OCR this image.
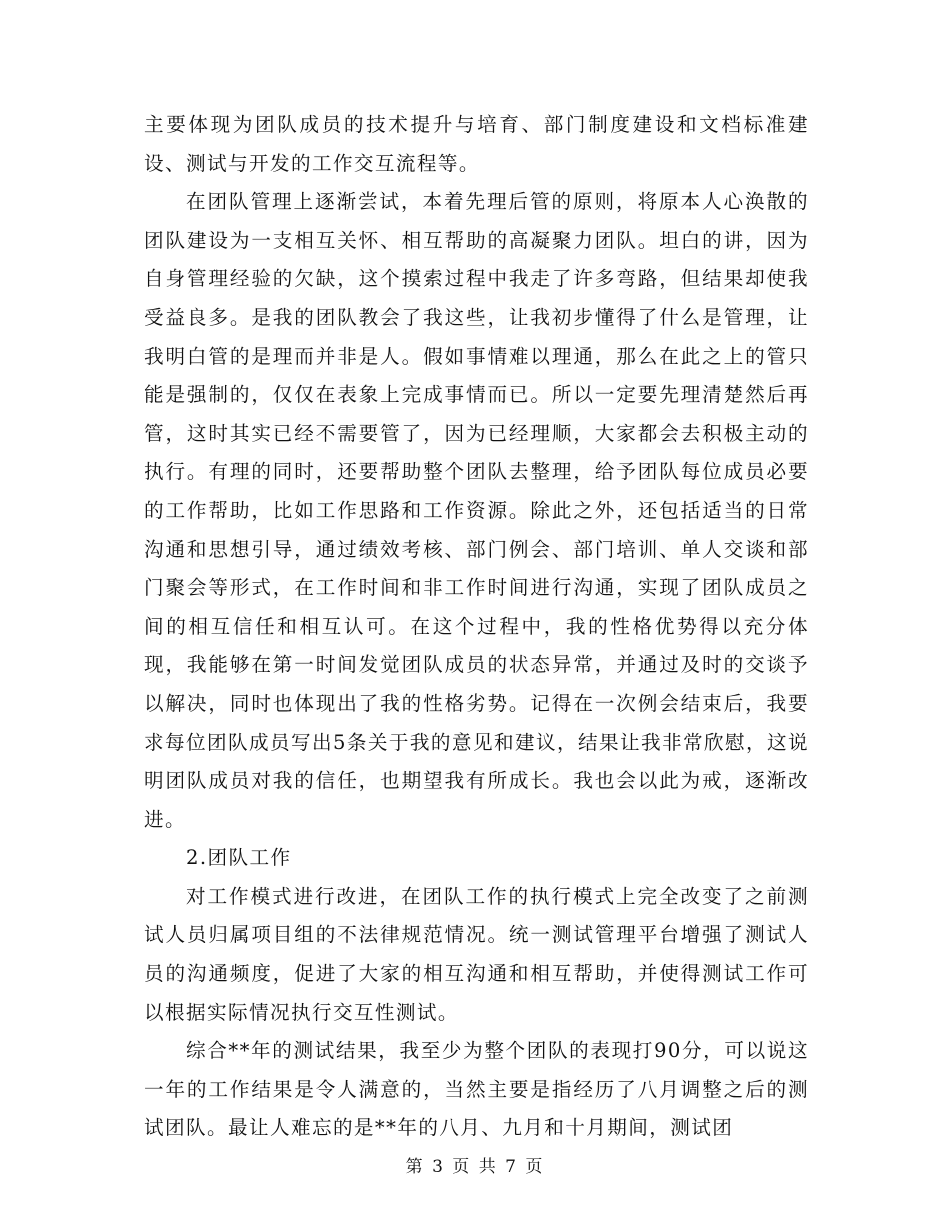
主要体现为团队成员的技术提升与培育、部门制度建设和文档标准建设、测试与开发的工作交互流程等。

在团队管理上逐渐尝试，本着先理后管的原则，将原本人心涣散的团队建设为一支相互关怀、相互帮助的高凝聚力团队。坦白的讲，因为自身管理经验的欠缺，这个摸索过程中我走了许多弯路，但结果却使我受益良多。是我的团队教会了我这些，让我初步懂得了什么是管理，让我明白管的是理而并非是人。假如事情难以理通，那么在此之上的管只能是强制的，仅仅在表象上完成事情而已。所以一定要先理清楚然后再管，这时其实已经不需要管了，因为已经理顺，大家都会去积极主动的执行。有理的同时，还要帮助整个团队去整理，给予团队每位成员必要的工作帮助，比如工作思路和工作资源。除此之外，还包括适当的日常沟通和思想引导，通过绩效考核、部门例会、部门培训、单人交谈和部门聚会等形式，在工作时间和非工作时间进行沟通，实现了团队成员之间的相互信任和相互认可。在这个过程中，我的性格优势得以充分体现，我能够在第一时间发觉团队成员的状态异常，并通过及时的交谈予以解决，同时也体现出了我的性格劣势。记得在一次例会结束后，我要求每位团队成员写出5条关于我的意见和建议，结果让我非常欣慰，这说明团队成员对我的信任，也期望我有所成长。我也会以此为戒，逐渐改进。

2.团队工作

对工作模式进行改进，在团队工作的执行模式上完全改变了之前测试人员归属项目组的不法律规范情况。统一测试管理平台增强了测试人员的沟通频度，促进了大家的相互沟通和相互帮助，并使得测试工作可以根据实际情况执行交互性测试。

综合**年的测试结果，我至少为整个团队的表现打90分，可以说这一年的工作结果是令人满意的，当然主要是指经历了八月调整之后的测试团队。最让人难忘的是**年的八月、九月和十月期间，测试团

第 3 页 共 7 页
